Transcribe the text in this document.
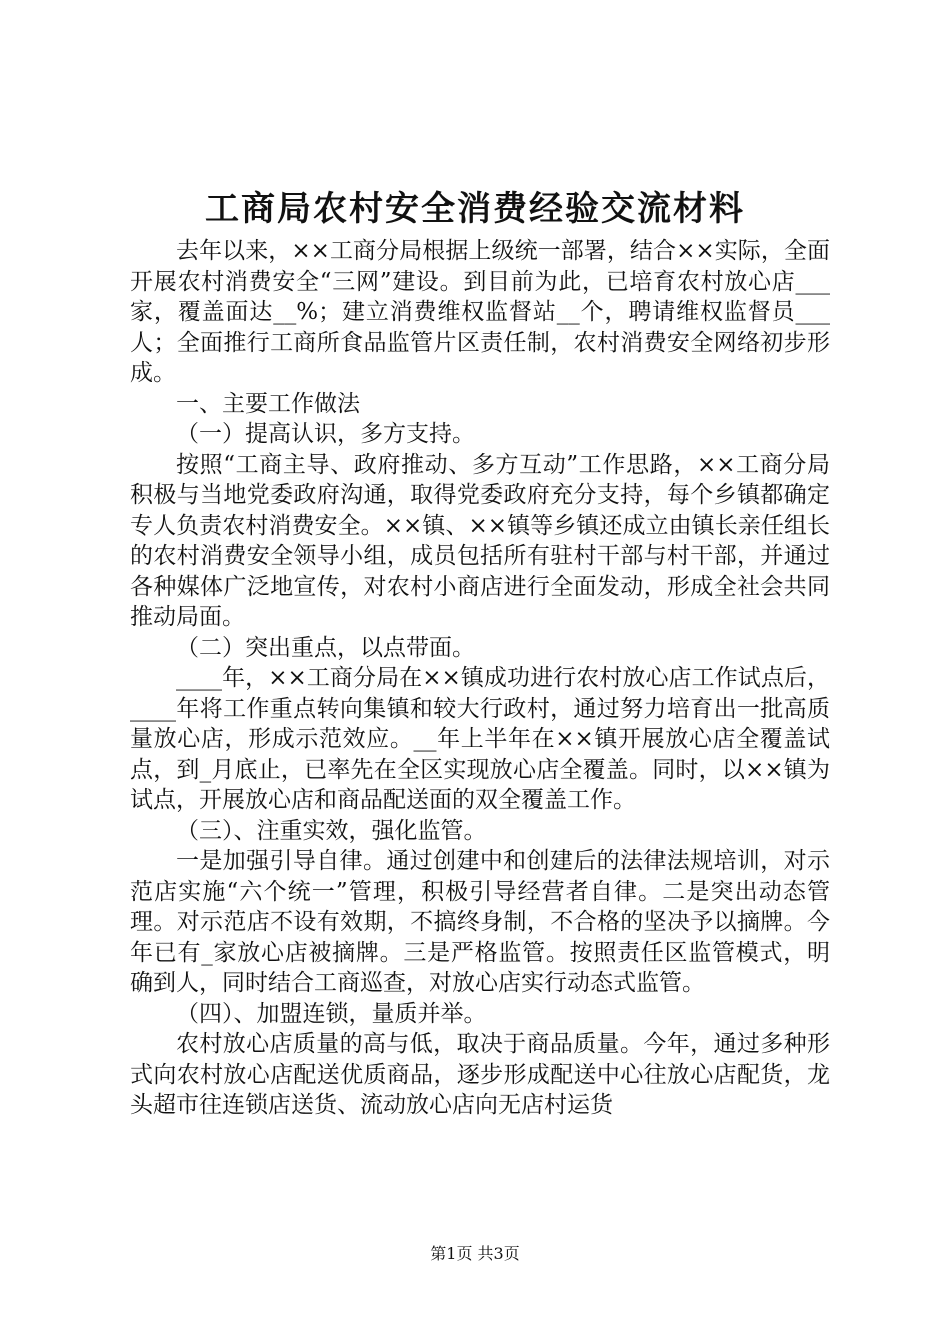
工商局农村安全消费经验交流材料

去年以来，××工商分局根据上级统一部署，结合××实际，全面开展农村消费安全“三网”建设。到目前为此，已培育农村放心店___家，覆盖面达__%；建立消费维权监督站__个，聘请维权监督员___人；全面推行工商所食品监管片区责任制，农村消费安全网络初步形成。

一、主要工作做法

（一）提高认识，多方支持。

按照“工商主导、政府推动、多方互动”工作思路，××工商分局积极与当地党委政府沟通，取得党委政府充分支持，每个乡镇都确定专人负责农村消费安全。××镇、××镇等乡镇还成立由镇长亲任组长的农村消费安全领导小组，成员包括所有驻村干部与村干部，并通过各种媒体广泛地宣传，对农村小商店进行全面发动，形成全社会共同推动局面。

（二）突出重点，以点带面。

____年，××工商分局在××镇成功进行农村放心店工作试点后，____年将工作重点转向集镇和较大行政村，通过努力培育出一批高质量放心店，形成示范效应。__年上半年在××镇开展放心店全覆盖试点，到_月底止，已率先在全区实现放心店全覆盖。同时，以××镇为试点，开展放心店和商品配送面的双全覆盖工作。

（三）、注重实效，强化监管。

一是加强引导自律。通过创建中和创建后的法律法规培训，对示范店实施“六个统一”管理，积极引导经营者自律。二是突出动态管理。对示范店不设有效期，不搞终身制，不合格的坚决予以摘牌。今年已有_家放心店被摘牌。三是严格监管。按照责任区监管模式，明确到人，同时结合工商巡查，对放心店实行动态式监管。

（四）、加盟连锁，量质并举。

农村放心店质量的高与低，取决于商品质量。今年，通过多种形式向农村放心店配送优质商品，逐步形成配送中心往放心店配货，龙头超市往连锁店送货、流动放心店向无店村运货

第1页 共3页
